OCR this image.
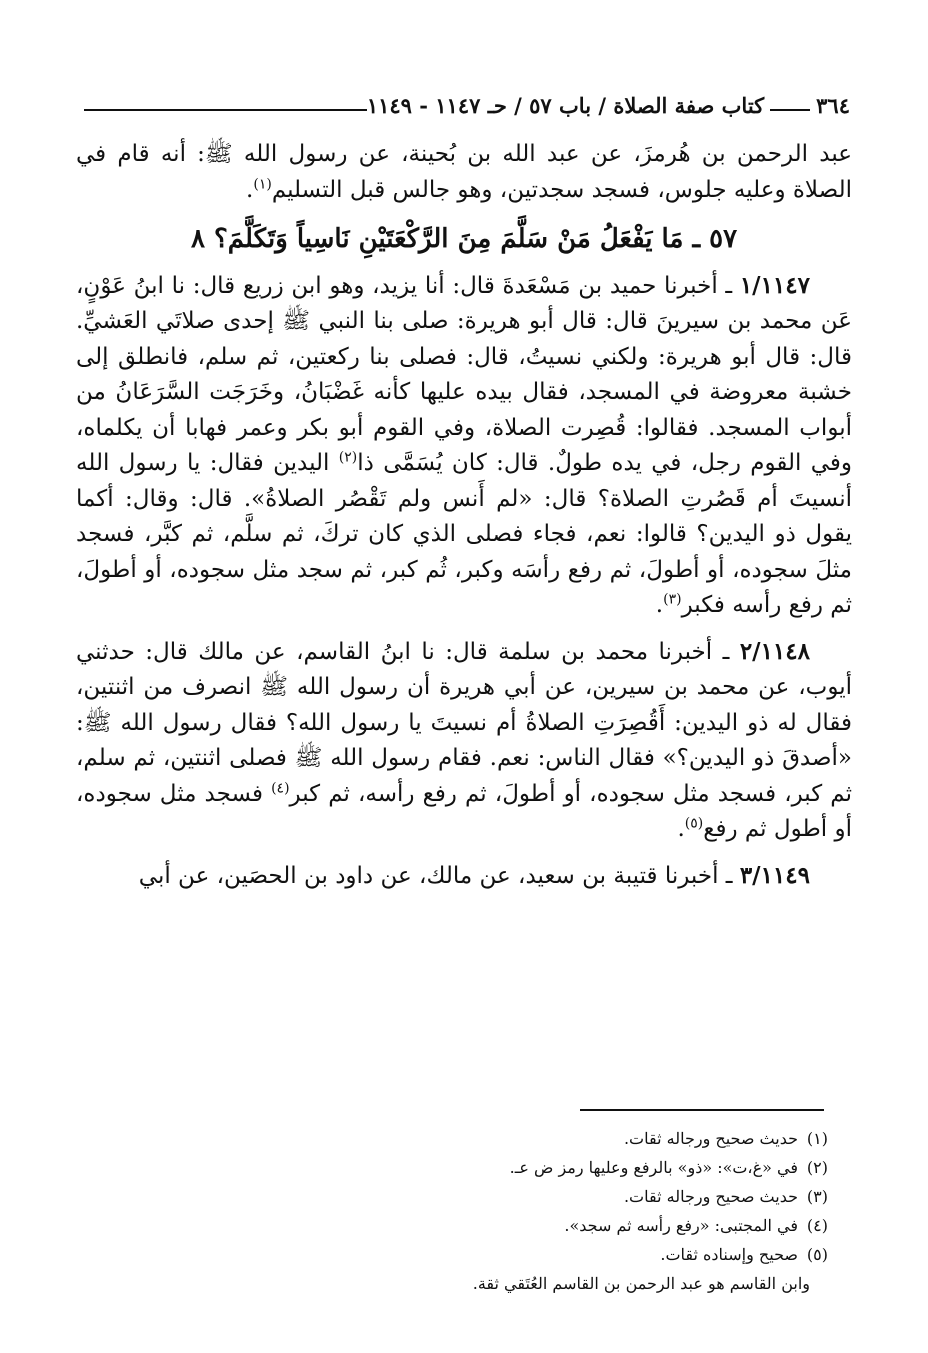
٣٦٤
كتاب صفة الصلاة / باب ٥٧ / حـ ١١٤٧ - ١١٤٩

عبد الرحمن بن هُرمزَ، عن عبد الله بن بُحينة، عن رسول الله ﷺ: أنه قام في الصلاة وعليه جلوس، فسجد سجدتين، وهو جالس قبل التسليم$^{(١)}$.

٥٧ ـ مَا يَفْعَلُ مَنْ سَلَّمَ مِنَ الرَّكْعَتَيْنِ نَاسِياً وَتَكَلَّمَ؟ ٨

١/١١٤٧ ـ أخبرنا حميد بن مَسْعَدةَ قال: أنا يزيد، وهو ابن زريع قال: نا ابنُ عَوْنٍ، عَن محمد بن سيرينَ قال: قال أبو هريرة: صلى بنا النبي ﷺ إحدى صلاتَي العَشيِّ. قال: قال أبو هريرة: ولكني نسيتُ، قال: فصلى بنا ركعتين، ثم سلم، فانطلق إلى خشبة معروضة في المسجد، فقال بيده عليها كأنه غَضْبَانُ، وخَرَجَت السَّرَعَانُ من أبواب المسجد. فقالوا: قُصِرت الصلاة، وفي القوم أبو بكر وعمر فهابا أن يكلماه، وفي القوم رجل، في يده طولٌ. قال: كان يُسَمَّى ذا$^{(٢)}$ اليدين فقال: يا رسول الله أنسيتَ أم قَصُرتِ الصلاة؟ قال: «لم أَنس ولم تَقْصُر الصلاةُ». قال: وقال: أكما يقول ذو اليدين؟ قالوا: نعم، فجاء فصلى الذي كان تركَ، ثم سلَّم، ثم كبَّر، فسجد مثلَ سجوده، أو أطولَ، ثم رفع رأسَه وكبر، ثُم كبر، ثم سجد مثل سجوده، أو أطولَ، ثم رفع رأسه فكبر$^{(٣)}$.

٢/١١٤٨ ـ أخبرنا محمد بن سلمة قال: نا ابنُ القاسم، عن مالك قال: حدثني أيوب، عن محمد بن سيرين، عن أبي هريرة أن رسول الله ﷺ انصرف من اثنتين، فقال له ذو اليدين: أَقُصِرَتِ الصلاةُ أم نسيتَ يا رسول الله؟ فقال رسول الله ﷺ: «أصدقَ ذو اليدين؟» فقال الناس: نعم. فقام رسول الله ﷺ فصلى اثنتين، ثم سلم، ثم كبر، فسجد مثل سجوده، أو أطولَ، ثم رفع رأسه، ثم كبر$^{(٤)}$ فسجد مثل سجوده، أو أطول ثم رفع$^{(٥)}$.

٣/١١٤٩ ـ أخبرنا قتيبة بن سعيد، عن مالك، عن داود بن الحصَين، عن أبي

(١)
حديث صحيح ورجاله ثقات.
(٢)
في «غ،ت»: «ذو» بالرفع وعليها رمز ض عـ.
(٣)
حديث صحيح ورجاله ثقات.
(٤)
في المجتبى: «رفع رأسه ثم سجد».
(٥)
صحيح وإسناده ثقات.
وابن القاسم هو عبد الرحمن بن القاسم العُتَقي ثقة.
